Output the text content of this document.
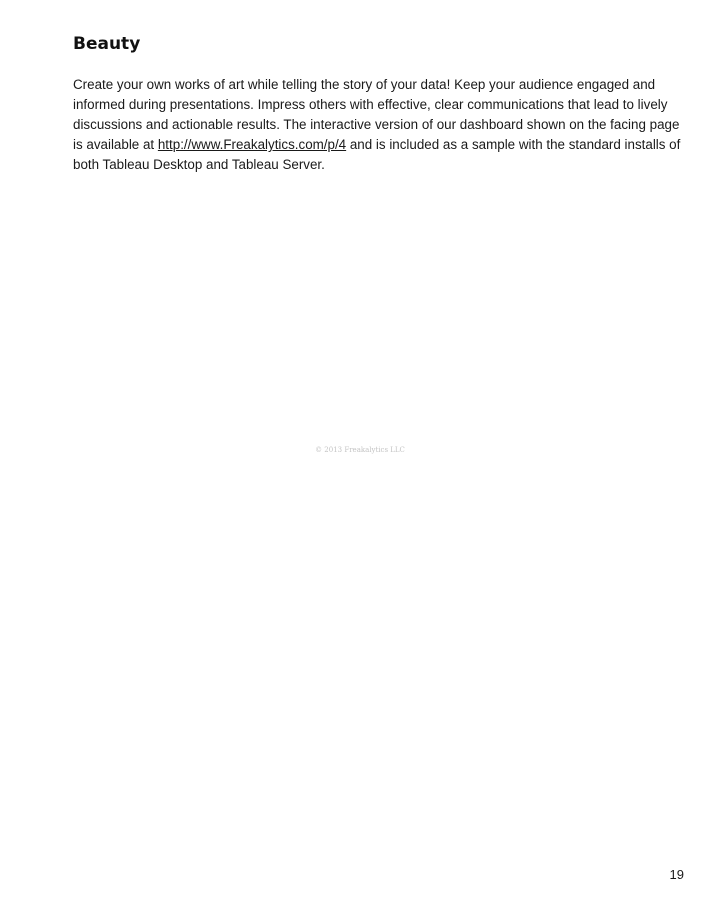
Beauty

Create your own works of art while telling the story of your data! Keep your audience engaged and informed during presentations. Impress others with effective, clear communications that lead to lively discussions and actionable results. The interactive version of our dashboard shown on the facing page is available at http://www.Freakalytics.com/p/4 and is included as a sample with the standard installs of both Tableau Desktop and Tableau Server.

© 2013 Freakalytics LLC
19
